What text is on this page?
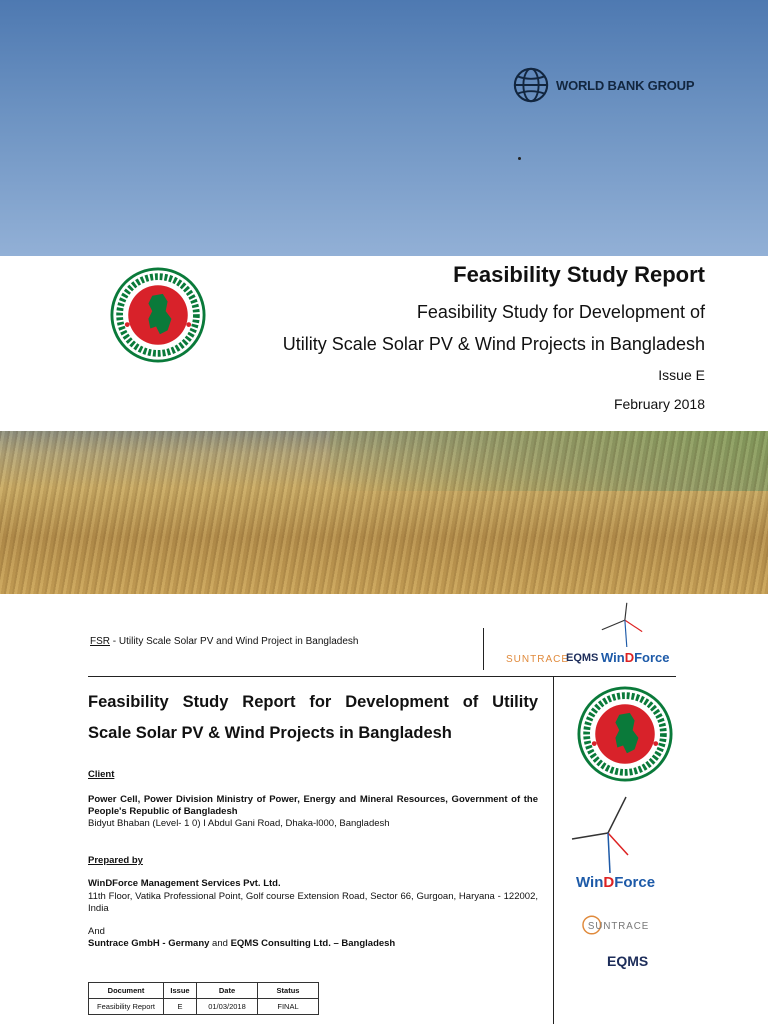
WORLD BANK GROUP
Feasibility Study Report
Feasibility Study for Development of
Utility Scale Solar PV & Wind Projects in Bangladesh
Issue E
February 2018
FSR - Utility Scale Solar PV and Wind Project in Bangladesh
SUNTRACE
EQMS WinDForce
Feasibility Study Report for Development of Utility
Scale Solar PV & Wind Projects in Bangladesh
Client
Power Cell, Power Division Ministry of Power, Energy and Mineral Resources, Government of the People's Republic of Bangladesh
Bidyut Bhaban (Level- 1 0) I Abdul Gani Road, Dhaka-l000, Bangladesh
Prepared by
WinDForce Management Services Pvt. Ltd.
11th Floor, Vatika Professional Point, Golf course Extension Road, Sector 66, Gurgoan, Haryana - 122002, India
And
Suntrace GmbH - Germany and EQMS Consulting Ltd. – Bangladesh
Document	Issue	Date	Status
Feasibility Report	E	01/03/2018	FINAL
WinDForce
SUNTRACE
EQMS
